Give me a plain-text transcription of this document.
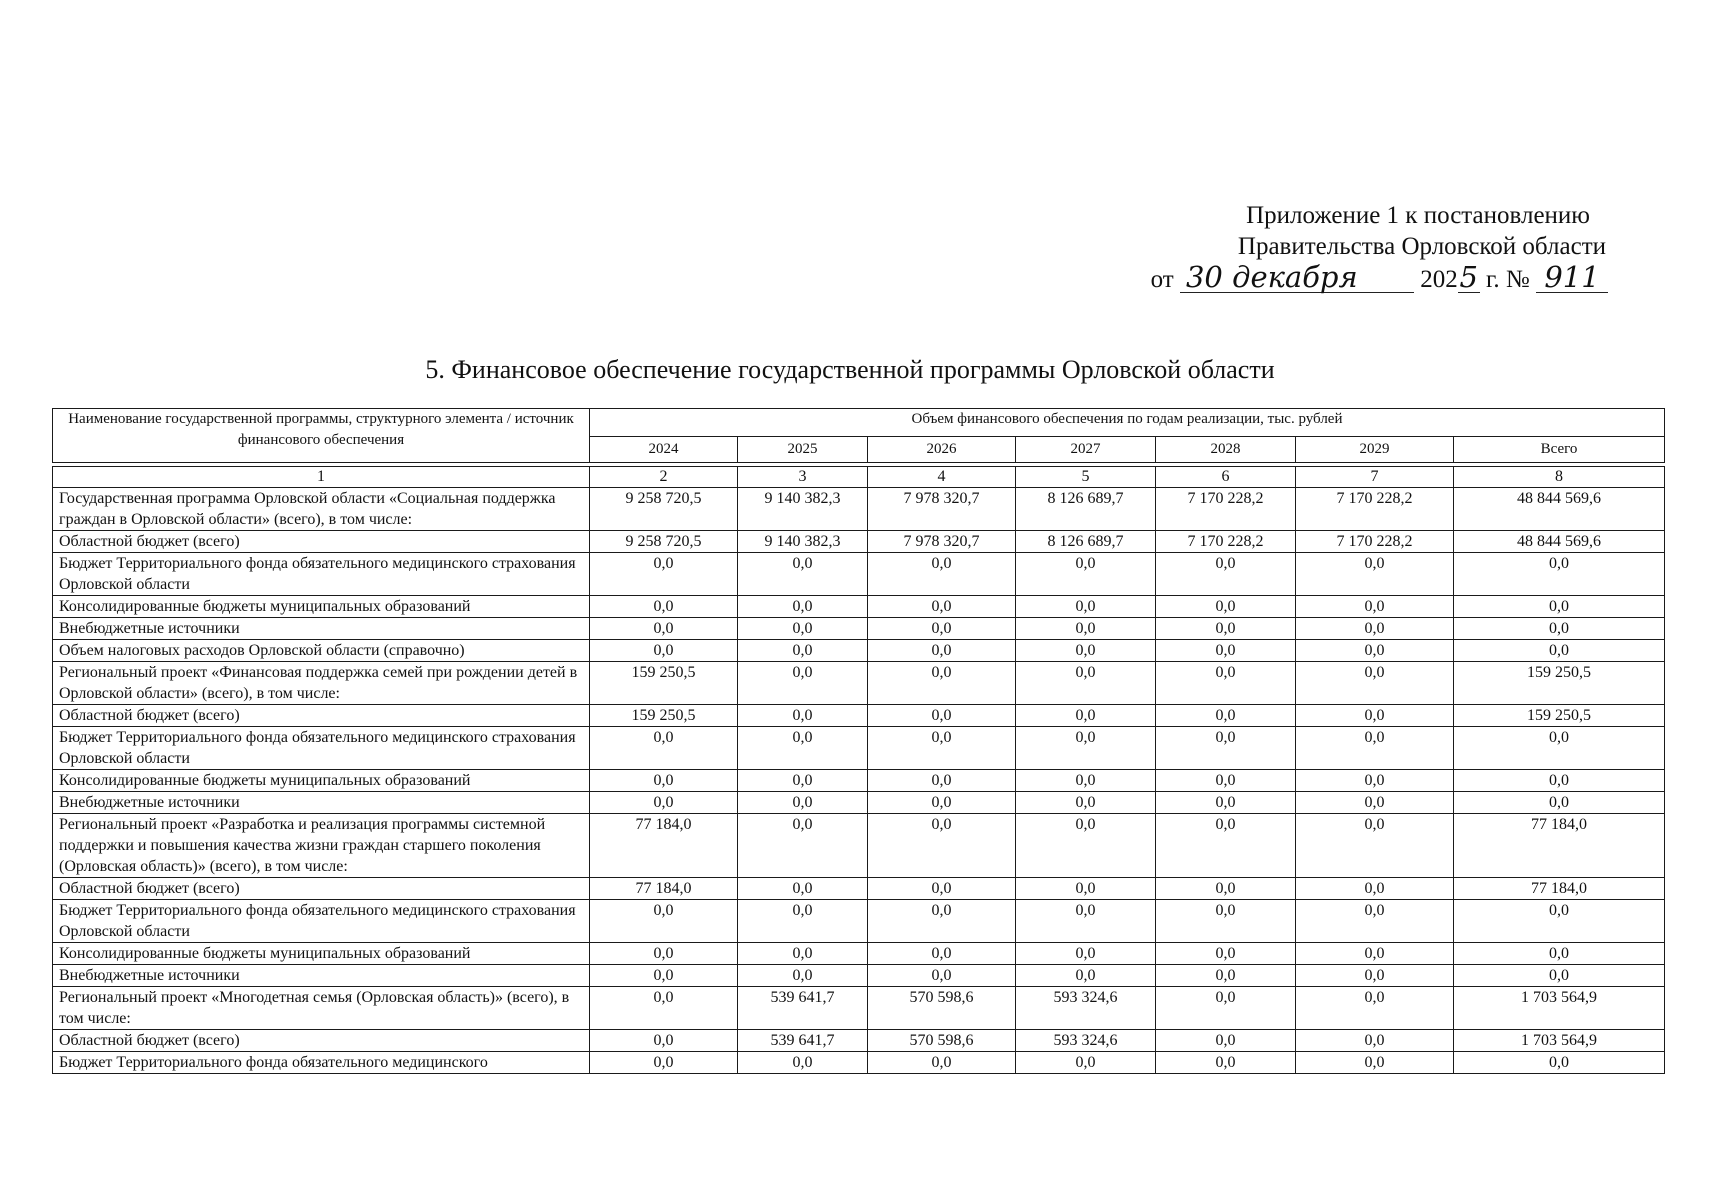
Приложение 1 к постановлению
Правительства Орловской области
от 30 декабря	2025 г. № 911
5. Финансовое обеспечение государственной программы Орловской области
Наименование государственной программы, структурного элемента / источник финансового обеспечения	Объем финансового обеспечения по годам реализации, тыс. рублей						
	2024	2025	2026	2027	2028	2029	Всего

1	2	3	4	5	6	7	8
Государственная программа Орловской области «Социальная поддержка граждан в Орловской области» (всего), в том числе:	9 258 720,5	9 140 382,3	7 978 320,7	8 126 689,7	7 170 228,2	7 170 228,2	48 844 569,6
Областной бюджет (всего)	9 258 720,5	9 140 382,3	7 978 320,7	8 126 689,7	7 170 228,2	7 170 228,2	48 844 569,6
Бюджет Территориального фонда обязательного медицинского страхования Орловской области	0,0	0,0	0,0	0,0	0,0	0,0	0,0
Консолидированные бюджеты муниципальных образований	0,0	0,0	0,0	0,0	0,0	0,0	0,0
Внебюджетные источники	0,0	0,0	0,0	0,0	0,0	0,0	0,0
Объем налоговых расходов Орловской области (справочно)	0,0	0,0	0,0	0,0	0,0	0,0	0,0
Региональный проект «Финансовая поддержка семей при рождении детей в Орловской области» (всего), в том числе:	159 250,5	0,0	0,0	0,0	0,0	0,0	159 250,5
Областной бюджет (всего)	159 250,5	0,0	0,0	0,0	0,0	0,0	159 250,5
Бюджет Территориального фонда обязательного медицинского страхования Орловской области	0,0	0,0	0,0	0,0	0,0	0,0	0,0
Консолидированные бюджеты муниципальных образований	0,0	0,0	0,0	0,0	0,0	0,0	0,0
Внебюджетные источники	0,0	0,0	0,0	0,0	0,0	0,0	0,0
Региональный проект «Разработка и реализация программы системной поддержки и повышения качества жизни граждан старшего поколения (Орловская область)» (всего), в том числе:	77 184,0	0,0	0,0	0,0	0,0	0,0	77 184,0
Областной бюджет (всего)	77 184,0	0,0	0,0	0,0	0,0	0,0	77 184,0
Бюджет Территориального фонда обязательного медицинского страхования Орловской области	0,0	0,0	0,0	0,0	0,0	0,0	0,0
Консолидированные бюджеты муниципальных образований	0,0	0,0	0,0	0,0	0,0	0,0	0,0
Внебюджетные источники	0,0	0,0	0,0	0,0	0,0	0,0	0,0
Региональный проект «Многодетная семья (Орловская область)» (всего), в том числе:	0,0	539 641,7	570 598,6	593 324,6	0,0	0,0	1 703 564,9
Областной бюджет (всего)	0,0	539 641,7	570 598,6	593 324,6	0,0	0,0	1 703 564,9
Бюджет Территориального фонда обязательного медицинского	0,0	0,0	0,0	0,0	0,0	0,0	0,0
